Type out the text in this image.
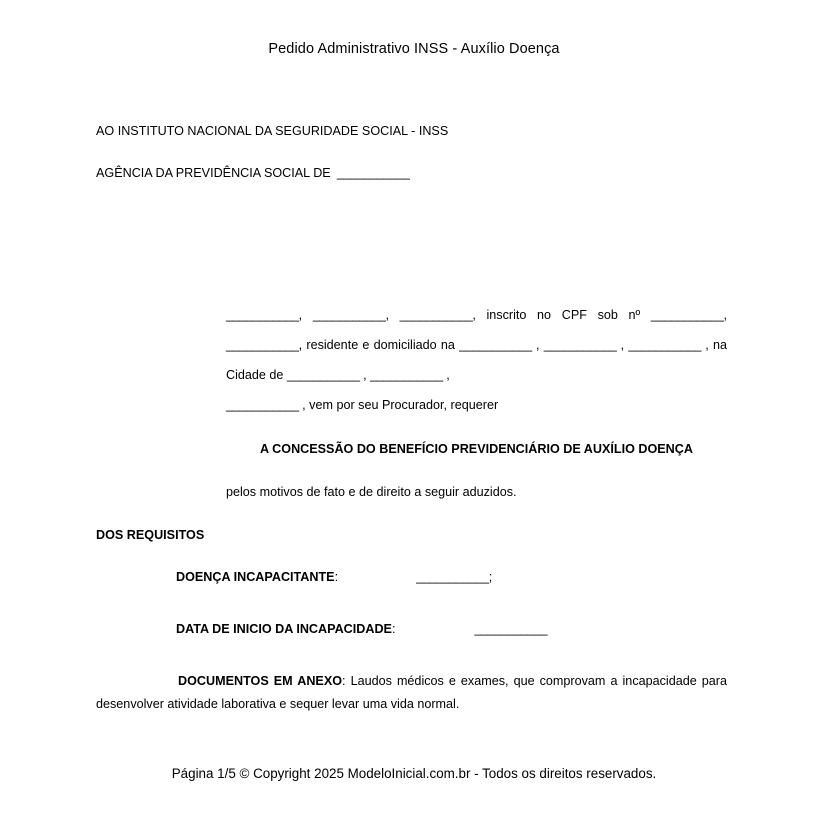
Pedido Administrativo INSS - Auxílio Doença
AO INSTITUTO NACIONAL DA SEGURIDADE SOCIAL - INSS
AGÊNCIA DA PREVIDÊNCIA SOCIAL DE ___________
___________, ___________, ___________, inscrito no CPF sob nº ___________, ___________, residente e domiciliado na ___________ , ___________ , ___________ , na Cidade de ___________ , ___________ ,
___________ , vem por seu Procurador, requerer
A CONCESSÃO DO BENEFÍCIO PREVIDENCIÁRIO DE AUXÍLIO DOENÇA
pelos motivos de fato e de direito a seguir aduzidos.
DOS REQUISITOS
DOENÇA INCAPACITANTE:	___________;
DATA DE INICIO DA INCAPACIDADE:	___________
DOCUMENTOS EM ANEXO: Laudos médicos e exames, que comprovam a incapacidade para desenvolver atividade laborativa e sequer levar uma vida normal.
Página 1/5 © Copyright 2025 ModeloInicial.com.br - Todos os direitos reservados.
